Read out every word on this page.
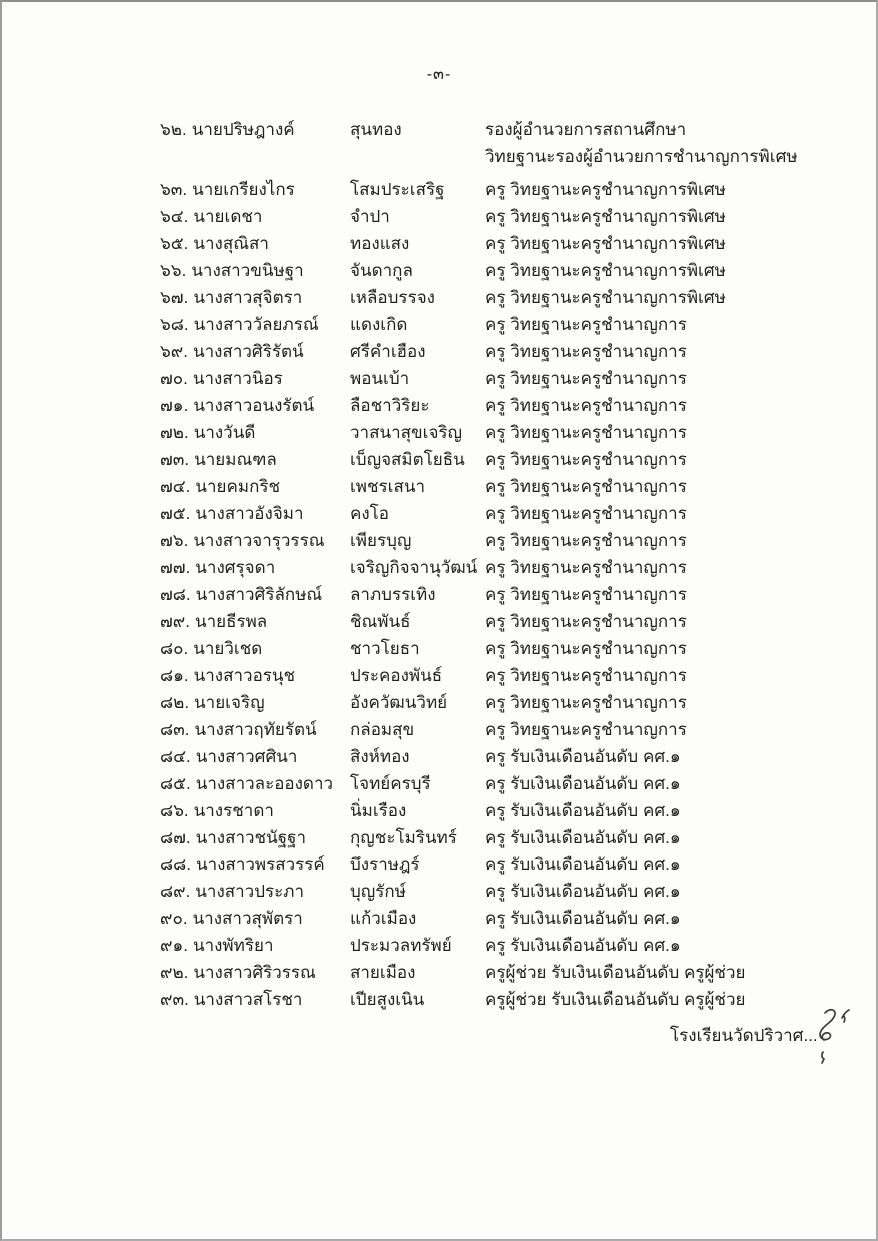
-๓-
๖๒. นายปริษฎางค์	สุนทอง	รองผู้อำนวยการสถานศึกษา
วิทยฐานะรองผู้อำนวยการชำนาญการพิเศษ
๖๓. นายเกรียงไกร	โสมประเสริฐ	ครู วิทยฐานะครูชำนาญการพิเศษ
๖๔. นายเดชา	จำปา	ครู วิทยฐานะครูชำนาญการพิเศษ
๖๕. นางสุณิสา	ทองแสง	ครู วิทยฐานะครูชำนาญการพิเศษ
๖๖. นางสาวขนิษฐา	จันดากูล	ครู วิทยฐานะครูชำนาญการพิเศษ
๖๗. นางสาวสุจิตรา	เหลือบรรจง	ครู วิทยฐานะครูชำนาญการพิเศษ
๖๘. นางสาววัลยภรณ์	แดงเกิด	ครู วิทยฐานะครูชำนาญการ
๖๙. นางสาวศิริรัตน์	ศรีคำเฮือง	ครู วิทยฐานะครูชำนาญการ
๗๐. นางสาวนิอร	พอนเบ้า	ครู วิทยฐานะครูชำนาญการ
๗๑. นางสาวอนงรัตน์	ลือชาวิริยะ	ครู วิทยฐานะครูชำนาญการ
๗๒. นางวันดี	วาสนาสุขเจริญ	ครู วิทยฐานะครูชำนาญการ
๗๓. นายมณฑล	เบ็ญจสมิตโยธิน	ครู วิทยฐานะครูชำนาญการ
๗๔. นายคมกริช	เพชรเสนา	ครู วิทยฐานะครูชำนาญการ
๗๕. นางสาวอังจิมา	คงโอ	ครู วิทยฐานะครูชำนาญการ
๗๖. นางสาวจารุวรรณ	เพียรบุญ	ครู วิทยฐานะครูชำนาญการ
๗๗. นางศรุจดา	เจริญกิจจานุวัฒน์ ครู วิทยฐานะครูชำนาญการ
๗๘. นางสาวศิริลักษณ์	ลาภบรรเทิง	ครู วิทยฐานะครูชำนาญการ
๗๙. นายธีรพล	ชิณพันธ์	ครู วิทยฐานะครูชำนาญการ
๘๐. นายวิเชด	ชาวโยธา	ครู วิทยฐานะครูชำนาญการ
๘๑. นางสาวอรนุช	ประคองพันธ์	ครู วิทยฐานะครูชำนาญการ
๘๒. นายเจริญ	อังควัฒนวิทย์	ครู วิทยฐานะครูชำนาญการ
๘๓. นางสาวฤทัยรัตน์	กล่อมสุข	ครู วิทยฐานะครูชำนาญการ
๘๔. นางสาวศศินา	สิงห์ทอง	ครู รับเงินเดือนอันดับ คศ.๑
๘๕. นางสาวละอองดาว โจทย์ครบุรี	ครู รับเงินเดือนอันดับ คศ.๑
๘๖. นางรชาดา	นิ่มเรือง	ครู รับเงินเดือนอันดับ คศ.๑
๘๗. นางสาวชนัฐฐา	กุญชะโมรินทร์	ครู รับเงินเดือนอันดับ คศ.๑
๘๘. นางสาวพรสวรรค์	บึงราษฎร์	ครู รับเงินเดือนอันดับ คศ.๑
๘๙. นางสาวประภา	บุญรักษ์	ครู รับเงินเดือนอันดับ คศ.๑
๙๐. นางสาวสุพัตรา	แก้วเมือง	ครู รับเงินเดือนอันดับ คศ.๑
๙๑. นางพัทริยา	ประมวลทรัพย์	ครู รับเงินเดือนอันดับ คศ.๑
๙๒. นางสาวศิริวรรณ	สายเมือง	ครูผู้ช่วย รับเงินเดือนอันดับ ครูผู้ช่วย
๙๓. นางสาวสโรชา	เปียสูงเนิน	ครูผู้ช่วย รับเงินเดือนอันดับ ครูผู้ช่วย
โรงเรียนวัดปริวาศ...
